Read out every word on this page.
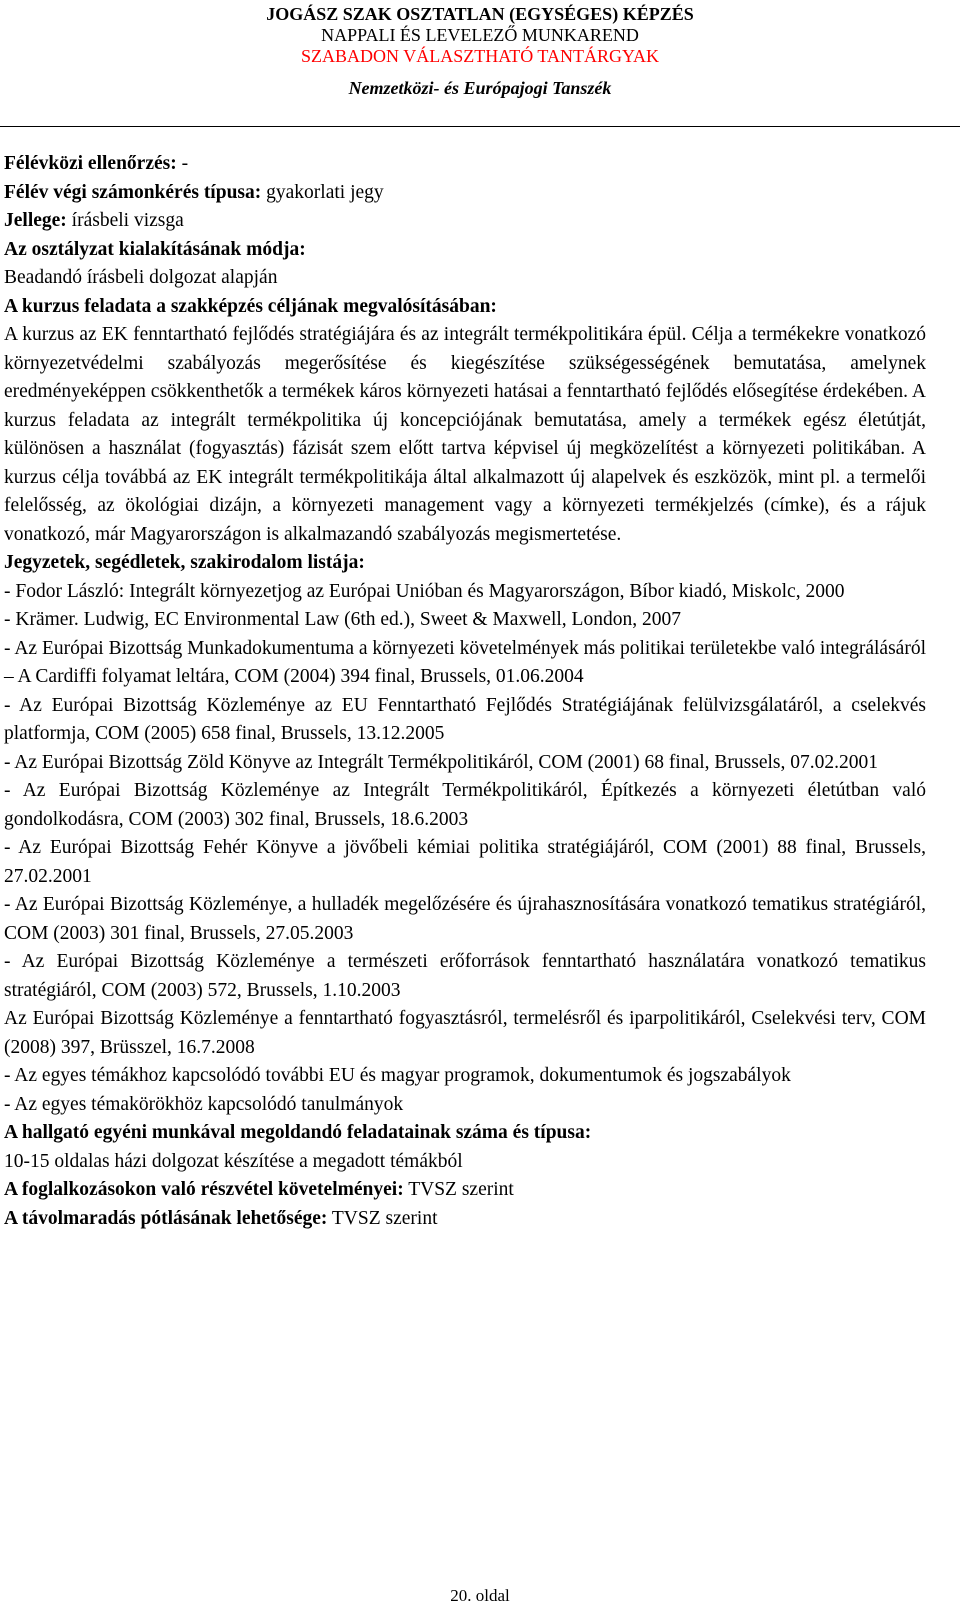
JOGÁSZ SZAK OSZTATLAN (EGYSÉGES) KÉPZÉS
NAPPALI ÉS LEVELEZŐ MUNKAREND
SZABADON VÁLASZTHATÓ TANTÁRGYAK
Nemzetközi- és Európajogi Tanszék

Félévközi ellenőrzés: -

Félév végi számonkérés típusa: gyakorlati jegy

Jellege: írásbeli vizsga

Az osztályzat kialakításának módja:

Beadandó írásbeli dolgozat alapján

A kurzus feladata a szakképzés céljának megvalósításában:

A kurzus az EK fenntartható fejlődés stratégiájára és az integrált termékpolitikára épül. Célja a termékekre vonatkozó környezetvédelmi szabályozás megerősítése és kiegészítése szükségességének bemutatása, amelynek eredményeképpen csökkenthetők a termékek káros környezeti hatásai a fenntartható fejlődés elősegítése érdekében. A kurzus feladata az integrált termékpolitika új koncepciójának bemutatása, amely a termékek egész életútját, különösen a használat (fogyasztás) fázisát szem előtt tartva képvisel új megközelítést a környezeti politikában. A kurzus célja továbbá az EK integrált termékpolitikája által alkalmazott új alapelvek és eszközök, mint pl. a termelői felelősség, az ökológiai dizájn, a környezeti management vagy a környezeti termékjelzés (címke), és a rájuk vonatkozó, már Magyarországon is alkalmazandó szabályozás megismertetése.

Jegyzetek, segédletek, szakirodalom listája:

- Fodor László: Integrált környezetjog az Európai Unióban és Magyarországon, Bíbor kiadó, Miskolc, 2000

- Krämer. Ludwig, EC Environmental Law (6th ed.), Sweet & Maxwell, London, 2007

- Az Európai Bizottság Munkadokumentuma a környezeti követelmények más politikai területekbe való integrálásáról – A Cardiffi folyamat leltára, COM (2004) 394 final, Brussels, 01.06.2004

- Az Európai Bizottság Közleménye az EU Fenntartható Fejlődés Stratégiájának felülvizsgálatáról, a cselekvés platformja, COM (2005) 658 final, Brussels, 13.12.2005

- Az Európai Bizottság Zöld Könyve az Integrált Termékpolitikáról, COM (2001) 68 final, Brussels, 07.02.2001

- Az Európai Bizottság Közleménye az Integrált Termékpolitikáról, Építkezés a környezeti életútban való gondolkodásra, COM (2003) 302 final, Brussels, 18.6.2003

- Az Európai Bizottság Fehér Könyve a jövőbeli kémiai politika stratégiájáról, COM (2001) 88 final, Brussels, 27.02.2001

- Az Európai Bizottság Közleménye, a hulladék megelőzésére és újrahasznosítására vonatkozó tematikus stratégiáról, COM (2003) 301 final, Brussels, 27.05.2003

- Az Európai Bizottság Közleménye a természeti erőforrások fenntartható használatára vonatkozó tematikus stratégiáról, COM (2003) 572, Brussels, 1.10.2003

Az Európai Bizottság Közleménye a fenntartható fogyasztásról, termelésről és iparpolitikáról, Cselekvési terv, COM (2008) 397, Brüsszel, 16.7.2008

- Az egyes témákhoz kapcsolódó további EU és magyar programok, dokumentumok és jogszabályok

- Az egyes témakörökhöz kapcsolódó tanulmányok

A hallgató egyéni munkával megoldandó feladatainak száma és típusa:

10-15 oldalas házi dolgozat készítése a megadott témákból

A foglalkozásokon való részvétel követelményei: TVSZ szerint

A távolmaradás pótlásának lehetősége: TVSZ szerint

20. oldal
